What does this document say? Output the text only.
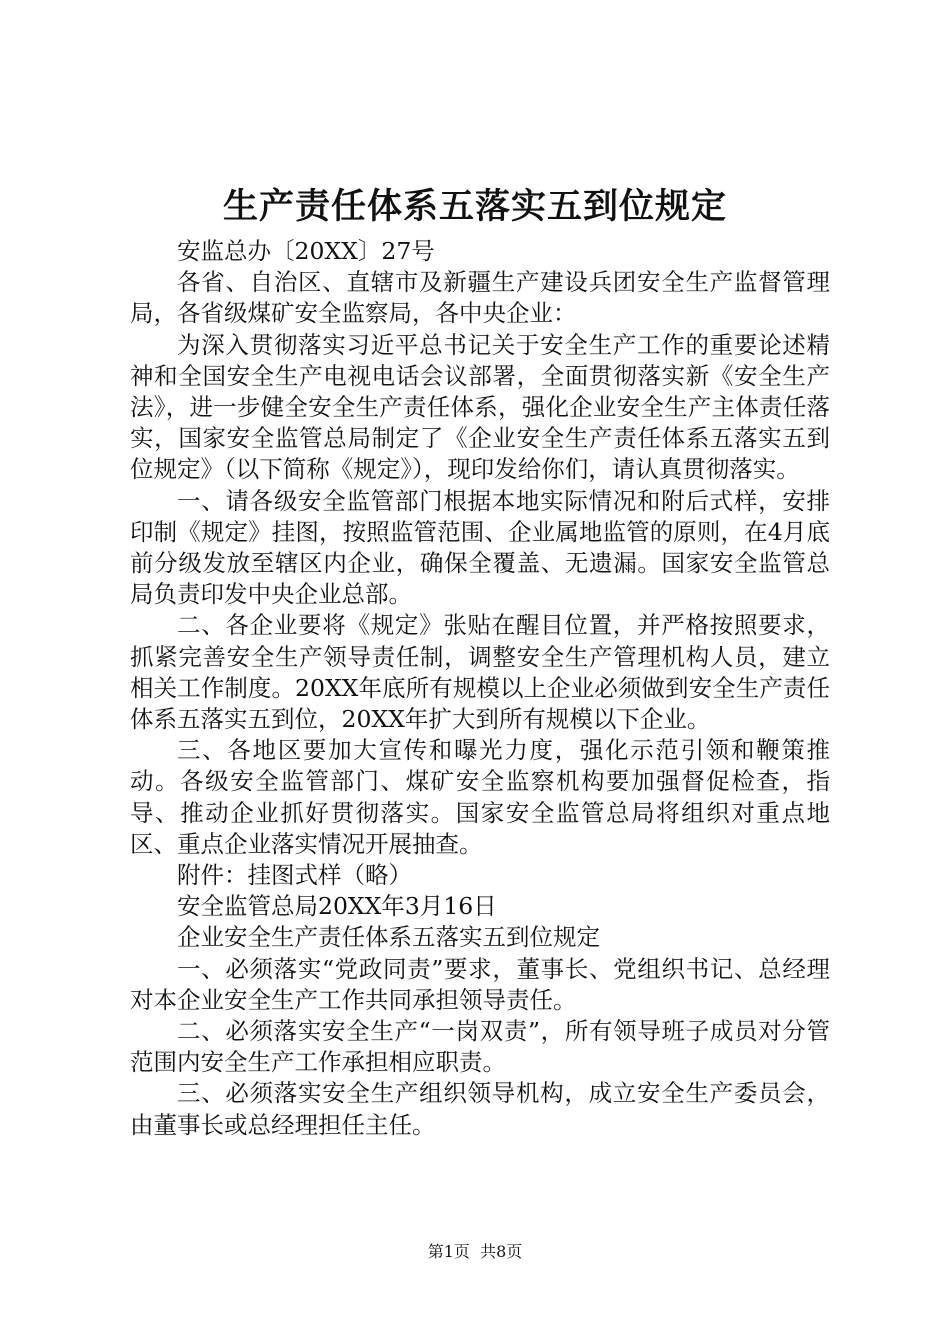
生产责任体系五落实五到位规定

安监总办〔20XX〕27号

各省、自治区、直辖市及新疆生产建设兵团安全生产监督管理局，各省级煤矿安全监察局，各中央企业：

为深入贯彻落实习近平总书记关于安全生产工作的重要论述精神和全国安全生产电视电话会议部署，全面贯彻落实新《安全生产法》，进一步健全安全生产责任体系，强化企业安全生产主体责任落实，国家安全监管总局制定了《企业安全生产责任体系五落实五到位规定》（以下简称《规定》），现印发给你们，请认真贯彻落实。

一、请各级安全监管部门根据本地实际情况和附后式样，安排印制《规定》挂图，按照监管范围、企业属地监管的原则，在4月底前分级发放至辖区内企业，确保全覆盖、无遗漏。国家安全监管总局负责印发中央企业总部。

二、各企业要将《规定》张贴在醒目位置，并严格按照要求，抓紧完善安全生产领导责任制，调整安全生产管理机构人员，建立相关工作制度。20XX年底所有规模以上企业必须做到安全生产责任体系五落实五到位，20XX年扩大到所有规模以下企业。

三、各地区要加大宣传和曝光力度，强化示范引领和鞭策推动。各级安全监管部门、煤矿安全监察机构要加强督促检查，指导、推动企业抓好贯彻落实。国家安全监管总局将组织对重点地区、重点企业落实情况开展抽查。

附件：挂图式样（略）

安全监管总局20XX年3月16日

企业安全生产责任体系五落实五到位规定

一、必须落实“党政同责”要求，董事长、党组织书记、总经理对本企业安全生产工作共同承担领导责任。

二、必须落实安全生产“一岗双责”，所有领导班子成员对分管范围内安全生产工作承担相应职责。

三、必须落实安全生产组织领导机构，成立安全生产委员会，由董事长或总经理担任主任。

第1页 共8页
